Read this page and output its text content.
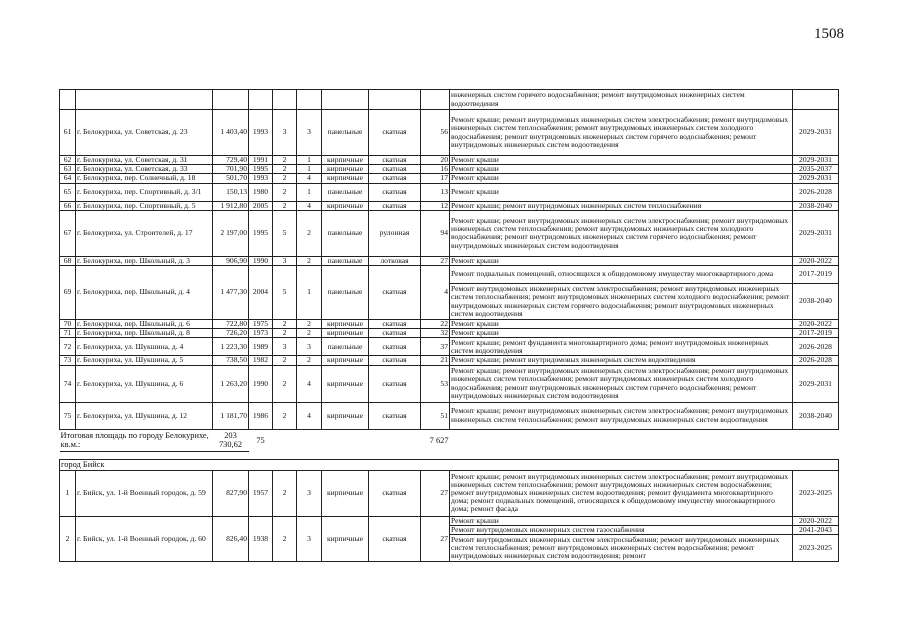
1508
									инженерных систем горячего водоснабжения; ремонт внутридомовых инженерных систем водоотведения	
61	г. Белокуриха, ул. Советская, д. 23	1 403,40	1993	3	3	панельные	скатная	56	Ремонт крыши; ремонт внутридомовых инженерных систем электроснабжения; ремонт внутридомовых инженерных систем теплоснабжения; ремонт внутридомовых инженерных систем холодного водоснабжения; ремонт внутридомовых инженерных систем горячего водоснабжения; ремонт внутридомовых инженерных систем водоотведения	2029-2031
62	г. Белокуриха, ул. Советская, д. 31	729,40	1991	2	1	кирпичные	скатная	20	Ремонт крыши	2029-2031
63	г. Белокуриха, ул. Советская, д. 33	701,90	1995	2	1	кирпичные	скатная	16	Ремонт крыши	2035-2037
64	г. Белокуриха, пер. Солнечный, д. 18	501,70	1993	2	4	кирпичные	скатная	17	Ремонт крыши	2029-2031
65	г. Белокуриха, пер. Спортивный, д. 3/1	150,13	1980	2	1	панельные	скатная	13	Ремонт крыши	2026-2028
66	г. Белокуриха, пер. Спортивный, д. 5	1 912,80	2005	2	4	кирпичные	скатная	12	Ремонт крыши; ремонт внутридомовых инженерных систем теплоснабжения	2038-2040
67	г. Белокуриха, ул. Строителей, д. 17	2 197,00	1995	5	2	панельные	рулонная	94	Ремонт крыши; ремонт внутридомовых инженерных систем электроснабжения; ремонт внутридомовых инженерных систем теплоснабжения; ремонт внутридомовых инженерных систем холодного водоснабжения; ремонт внутридомовых инженерных систем горячего водоснабжения; ремонт внутридомовых инженерных систем водоотведения	2029-2031
68	г. Белокуриха, пер. Школьный, д. 3	906,90	1990	3	2	панельные	лотковая	27	Ремонт крыши	2020-2022
69	г. Белокуриха, пер. Школьный, д. 4	1 477,30	2004	5	1	панельные	скатная	4	Ремонт подвальных помещений, относящихся к общедомовому имуществу многоквартирного дома	2017-2019
									Ремонт внутридомовых инженерных систем электроснабжения; ремонт внутридомовых инженерных систем теплоснабжения; ремонт внутридомовых инженерных систем холодного водоснабжения; ремонт внутридомовых инженерных систем горячего водоснабжения; ремонт внутридомовых инженерных систем водоотведения	2038-2040
70	г. Белокуриха, пер. Школьный, д. 6	722,80	1975	2	2	кирпичные	скатная	22	Ремонт крыши	2020-2022
71	г. Белокуриха, пер. Школьный, д. 8	726,20	1973	2	2	кирпичные	скатная	32	Ремонт крыши	2017-2019
72	г. Белокуриха, ул. Шукшина, д. 4	1 223,30	1989	3	3	панельные	скатная	37	Ремонт крыши; ремонт фундамента многоквартирного дома; ремонт внутридомовых инженерных систем водоотведения	2026-2028
73	г. Белокуриха, ул. Шукшина, д. 5	738,50	1982	2	2	кирпичные	скатная	21	Ремонт крыши; ремонт внутридомовых инженерных систем водоотведения	2026-2028
74	г. Белокуриха, ул. Шукшина, д. 6	1 263,20	1990	2	4	кирпичные	скатная	53	Ремонт крыши; ремонт внутридомовых инженерных систем электроснабжения; ремонт внутридомовых инженерных систем теплоснабжения; ремонт внутридомовых инженерных систем холодного водоснабжения; ремонт внутридомовых инженерных систем горячего водоснабжения; ремонт внутридомовых инженерных систем водоотведения	2029-2031
75	г. Белокуриха, ул. Шукшина, д. 12	1 181,70	1986	2	4	кирпичные	скатная	51	Ремонт крыши; ремонт внутридомовых инженерных систем электроснабжения; ремонт внутридомовых инженерных систем теплоснабжения; ремонт внутридомовых инженерных систем водоотведения	2038-2040
Итоговая площадь по городу Белокурихе, кв.м.:		203 730,62	75					7 627		

город Бийск										
1	г. Бийск, ул. 1-й Военный городок, д. 59	827,90	1957	2	3	кирпичные	скатная	27	Ремонт крыши; ремонт внутридомовых инженерных систем электроснабжения; ремонт внутридомовых инженерных систем теплоснабжения; ремонт внутридомовых инженерных систем водоснабжения; ремонт внутридомовых инженерных систем водоотведения; ремонт фундамента многоквартирного дома; ремонт подвальных помещений, относящихся к общедомовому имуществу многоквартирного дома; ремонт фасада	2023-2025
2	г. Бийск, ул. 1-й Военный городок, д. 60	826,40	1938	2	3	кирпичные	скатная	27	Ремонт крыши	2020-2022
									Ремонт внутридомовых инженерных систем газоснабжения	2041-2043
									Ремонт внутридомовых инженерных систем электроснабжения; ремонт внутридомовых инженерных систем теплоснабжения; ремонт внутридомовых инженерных систем водоснабжения; ремонт внутридомовых инженерных систем водоотведения; ремонт	2023-2025
